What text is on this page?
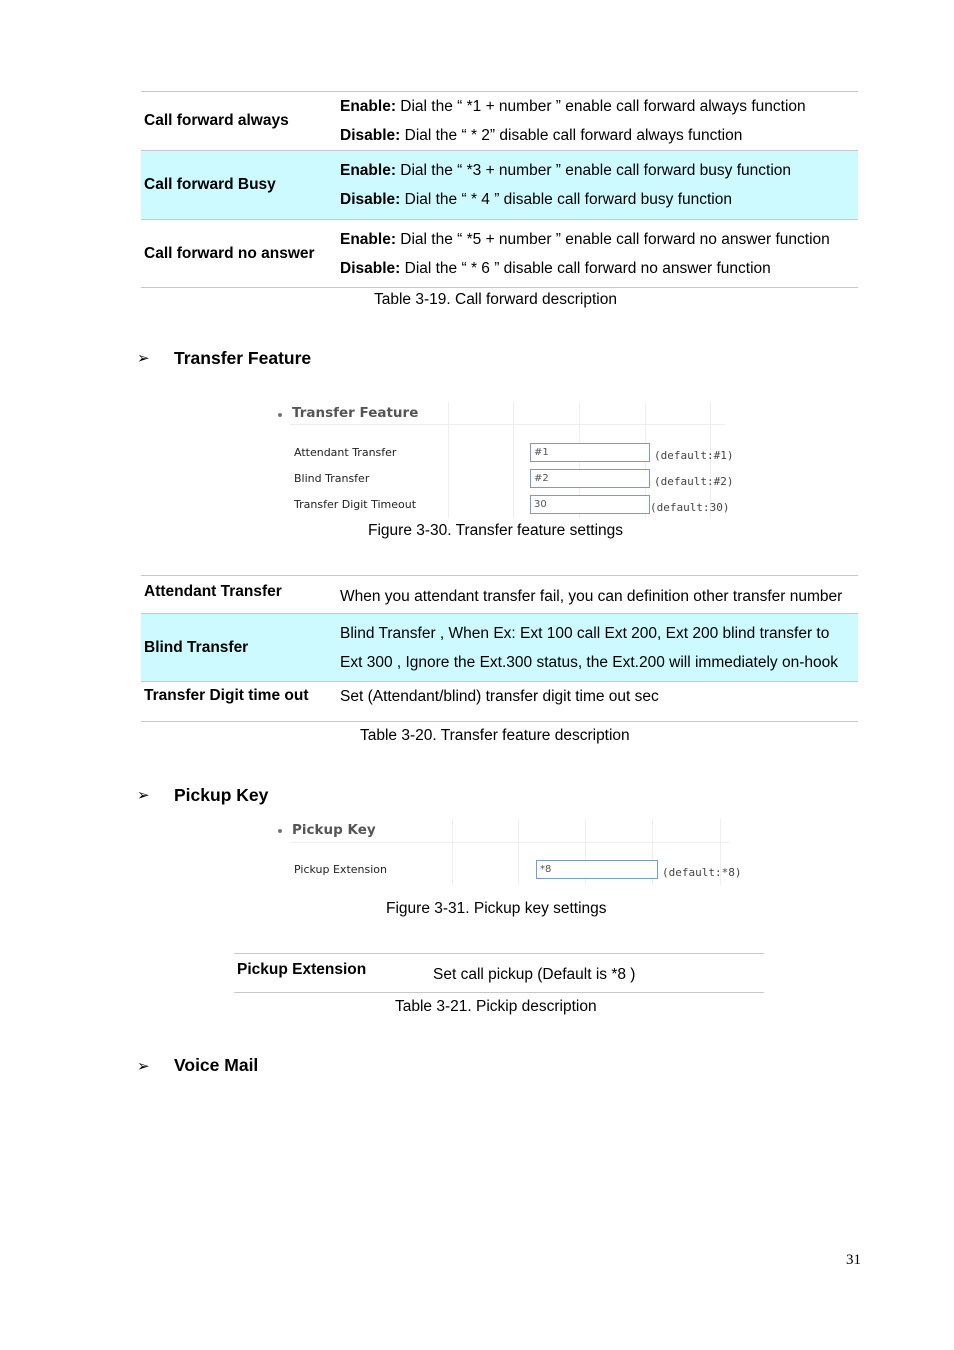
Call forward always	Enable: Dial the “ *1 + number ” enable call forward always function
Disable: Dial the “ * 2” disable call forward always function

Call forward Busy	Enable: Dial the “ *3 + number ” enable call forward busy function
Disable: Dial the “ * 4 ” disable call forward busy function

Call forward no answer	Enable: Dial the “ *5 + number ” enable call forward no answer function
Disable: Dial the “ * 6 ” disable call forward no answer function
Table 3-19. Call forward description
➢ Transfer Feature
Transfer Feature
Attendant Transfer
#1	(default:#1)
Blind Transfer
#2	(default:#2)
Transfer Digit Timeout
30	(default:30)
Figure 3-30. Transfer feature settings
Attendant Transfer	When you attendant transfer fail, you can definition other transfer number

Blind Transfer	Blind Transfer , When Ex: Ext 100 call Ext 200, Ext 200 blind transfer to
Ext 300 , Ignore the Ext.300 status, the Ext.200 will immediately on-hook

Transfer Digit time out	Set (Attendant/blind) transfer digit time out sec
Table 3-20. Transfer feature description
➢ Pickup Key
Pickup Key
Pickup Extension
*8	(default:*8)
Figure 3-31. Pickup key settings
Pickup Extension	Set call pickup (Default is *8 )
Table 3-21. Pickip description
➢ Voice Mail
31
